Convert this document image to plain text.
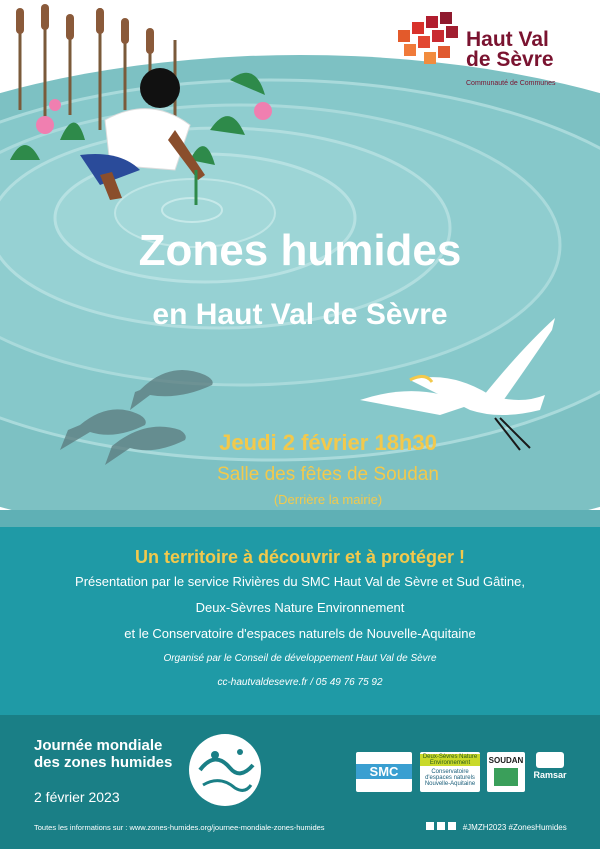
Haut Val
de Sèvre
Communauté de Communes
Zones humides
en Haut Val de Sèvre
Jeudi 2 février 18h30
Salle des fêtes de Soudan
(Derrière la mairie)
Un territoire à découvrir et à protéger !
Présentation par le service Rivières du SMC Haut Val de Sèvre et Sud Gâtine,
Deux-Sèvres Nature Environnement
et le Conservatoire d'espaces naturels de Nouvelle-Aquitaine
Organisé par le Conseil de développement Haut Val de Sèvre
cc-hautvaldesevre.fr / 05 49 76 75 92
Journée mondiale
des zones humides
2 février 2023
SMC
Deux-Sèvres Nature Environnement
Conservatoire d'espaces naturels Nouvelle-Aquitaine
SOUDAN
Ramsar
Toutes les informations sur : www.zones-humides.org/journee-mondiale-zones-humides	#JMZH2023 #ZonesHumides
